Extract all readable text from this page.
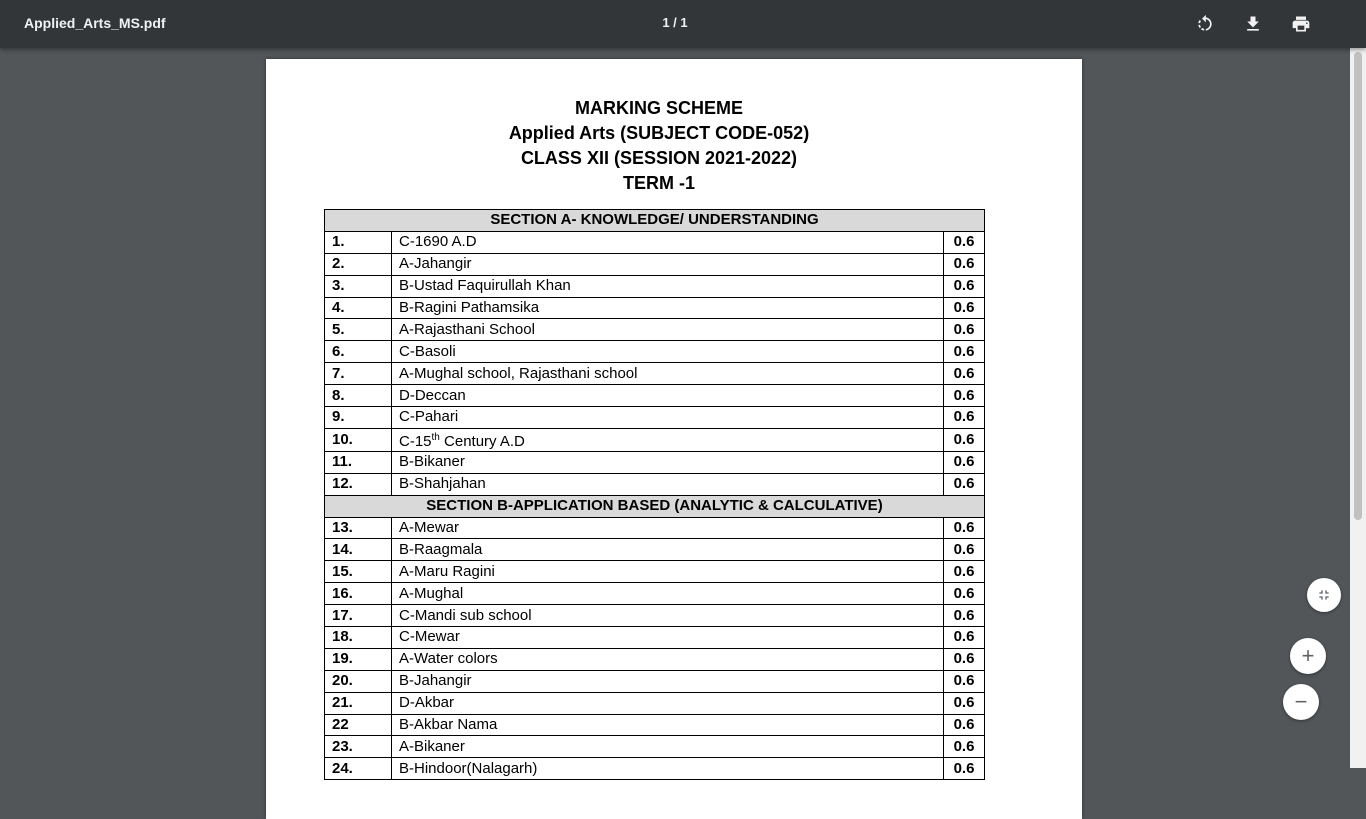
Applied_Arts_MS.pdf	1 / 1
MARKING SCHEME
Applied Arts (SUBJECT CODE-052)
CLASS XII (SESSION 2021-2022)
TERM -1
SECTION A- KNOWLEDGE/ UNDERSTANDING		
1.	C-1690 A.D	0.6
2.	A-Jahangir	0.6
3.	B-Ustad Faquirullah Khan	0.6
4.	B-Ragini Pathamsika	0.6
5.	A-Rajasthani School	0.6
6.	C-Basoli	0.6
7.	A-Mughal school, Rajasthani school	0.6
8.	D-Deccan	0.6
9.	C-Pahari	0.6
10.	C-15th Century A.D	0.6
11.	B-Bikaner	0.6
12.	B-Shahjahan	0.6
SECTION B-APPLICATION BASED (ANALYTIC & CALCULATIVE)		
13.	A-Mewar	0.6
14.	B-Raagmala	0.6
15.	A-Maru Ragini	0.6
16.	A-Mughal	0.6
17.	C-Mandi sub school	0.6
18.	C-Mewar	0.6
19.	A-Water colors	0.6
20.	B-Jahangir	0.6
21.	D-Akbar	0.6
22	B-Akbar Nama	0.6
23.	A-Bikaner	0.6
24.	B-Hindoor(Nalagarh)	0.6
+
−
